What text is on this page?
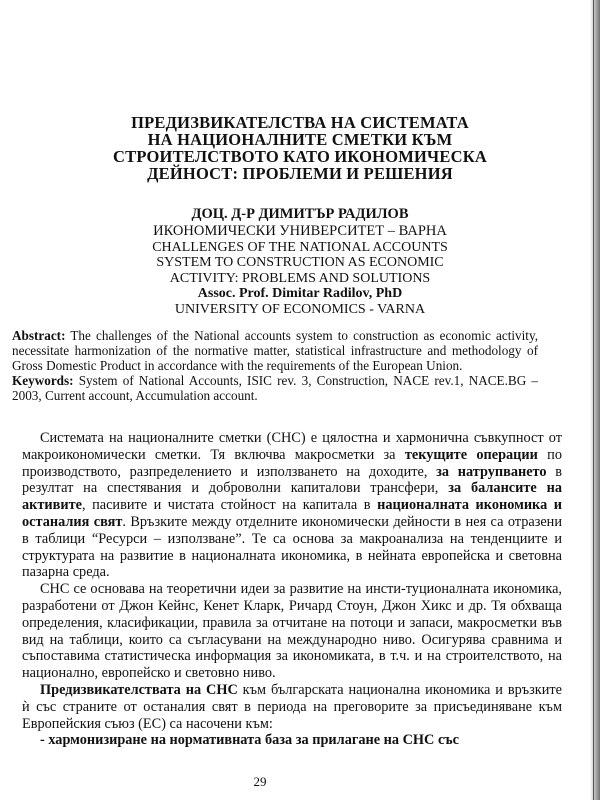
ПРЕДИЗВИКАТЕЛСТВА НА СИСТЕМАТА
НА НАЦИОНАЛНИТЕ СМЕТКИ КЪМ
СТРОИТЕЛСТВОТО КАТО ИКОНОМИЧЕСКА
ДЕЙНОСТ: ПРОБЛЕМИ И РЕШЕНИЯ
ДОЦ. Д-Р ДИМИТЪР РАДИЛОВ
ИКОНОМИЧЕСКИ УНИВЕРСИТЕТ – ВАРНА
CHALLENGES OF THE NATIONAL ACCOUNTS
SYSTEM TO CONSTRUCTION AS ECONOMIC
ACTIVITY: PROBLEMS AND SOLUTIONS
Assoc. Prof. Dimitar Radilov, PhD
UNIVERSITY OF ECONOMICS - VARNA
Abstract: The challenges of the National accounts system to construction as economic activity, necessitate harmonization of the normative matter, statistical infrastructure and methodology of Gross Domestic Product in accordance with the requirements of the European Union.
Keywords: System of National Accounts, ISIC rev. 3, Construction, NACE rev.1, NACE.BG – 2003, Current account, Accumulation account.

Системата на националните сметки (СНС) е цялостна и хармонична съвкупност от макроикономически сметки. Тя включва макросметки за текущите операции по производството, разпределението и използването на доходите, за натрупването в резултат на спестявания и доброволни капиталови трансфери, за балансите на активите, пасивите и чистата стойност на капитала в националната икономика и останалия свят. Връзките между отделните икономически дейности в нея са отразени в таблици “Ресурси – използване”. Те са основа за макроанализа на тенденциите и структурата на развитие в националната икономика, в нейната европейска и световна пазарна среда.

СНС се основава на теоретични идеи за развитие на инсти-туционалната икономика, разработени от Джон Кейнс, Кенет Кларк, Ричард Стоун, Джон Хикс и др. Тя обхваща определения, класификации, правила за отчитане на потоци и запаси, макросметки във вид на таблици, които са съгласувани на международно ниво. Осигурява сравнима и съпоставима статистическа информация за икономиката, в т.ч. и на строителството, на национално, европейско и световно ниво.

Предизвикателствата на СНС към българската национална икономика и връзките ѝ със страните от останалия свят в периода на преговорите за присъединяване към Европейския съюз (ЕС) са насочени към:

- хармонизиране на нормативната база за прилагане на СНС със

29
